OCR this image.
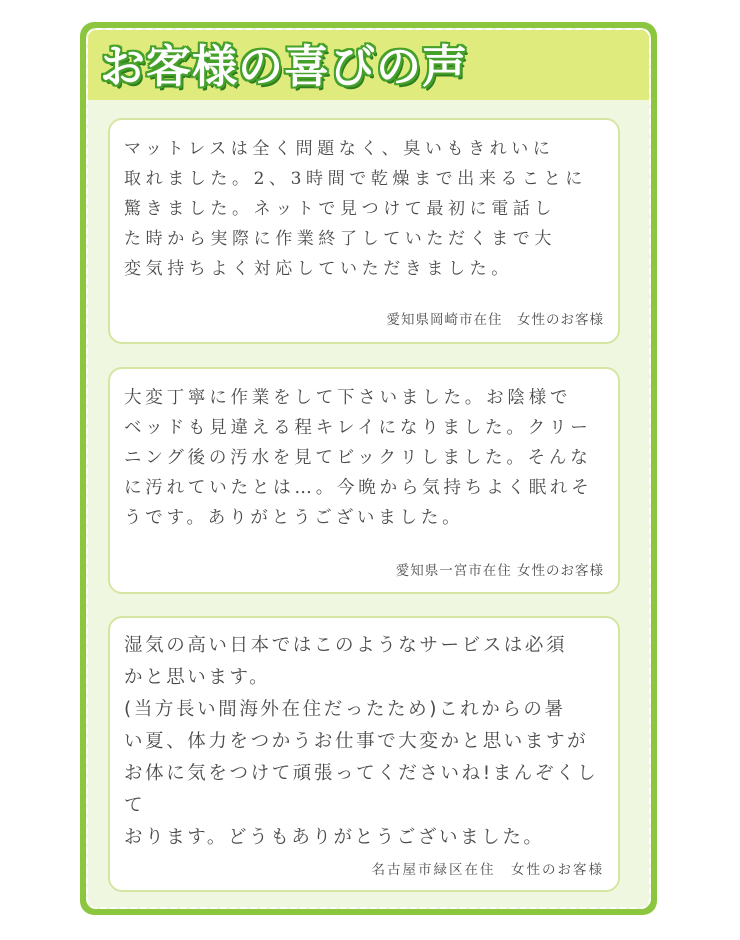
お客様の喜びの声

マットレスは全く問題なく、臭いもきれいに
取れました。2、3時間で乾燥まで出来ることに
驚きました。ネットで見つけて最初に電話し
た時から実際に作業終了していただくまで大
変気持ちよく対応していただきました。

愛知県岡崎市在住　女性のお客様

大変丁寧に作業をして下さいました。お陰様で
ベッドも見違える程キレイになりました。クリー
ニング後の汚水を見てビックリしました。そんな
に汚れていたとは…。今晩から気持ちよく眠れそ
うです。ありがとうございました。

愛知県一宮市在住 女性のお客様

湿気の高い日本ではこのようなサービスは必須
かと思います。
(当方長い間海外在住だったため)これからの暑
い夏、体力をつかうお仕事で大変かと思いますが
お体に気をつけて頑張ってくださいね!まんぞくして
おります。どうもありがとうございました。

名古屋市緑区在住　女性のお客様
